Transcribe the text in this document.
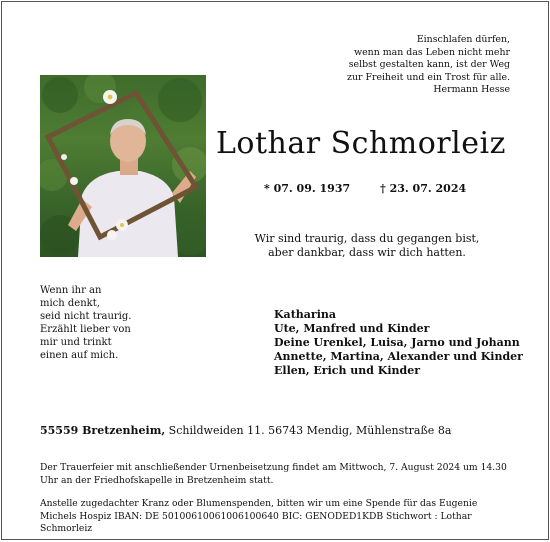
Einschlafen dürfen,
wenn man das Leben nicht mehr
selbst gestalten kann, ist der Weg
zur Freiheit und ein Trost für alle.
Hermann Hesse
Lothar Schmorleiz
* 07. 09. 1937	† 23. 07. 2024
Wir sind traurig, dass du gegangen bist,
aber dankbar, dass wir dich hatten.
Wenn ihr an
mich denkt,
seid nicht traurig.
Erzählt lieber von
mir und trinkt
einen auf mich.
Katharina
Ute, Manfred und Kinder
Deine Urenkel, Luisa, Jarno und Johann
Annette, Martina, Alexander und Kinder
Ellen, Erich und Kinder
55559 Bretzenheim, Schildweiden 11. 56743 Mendig, Mühlenstraße 8a
Der Trauerfeier mit anschließender Urnenbeisetzung findet am Mittwoch, 7. August 2024 um 14.30 Uhr an der Friedhofskapelle in Bretzenheim statt.
Anstelle zugedachter Kranz oder Blumenspenden, bitten wir um eine Spende für das Eugenie Michels Hospiz IBAN: DE 50100610061006100640 BIC: GENODED1KDB Stichwort : Lothar Schmorleiz
